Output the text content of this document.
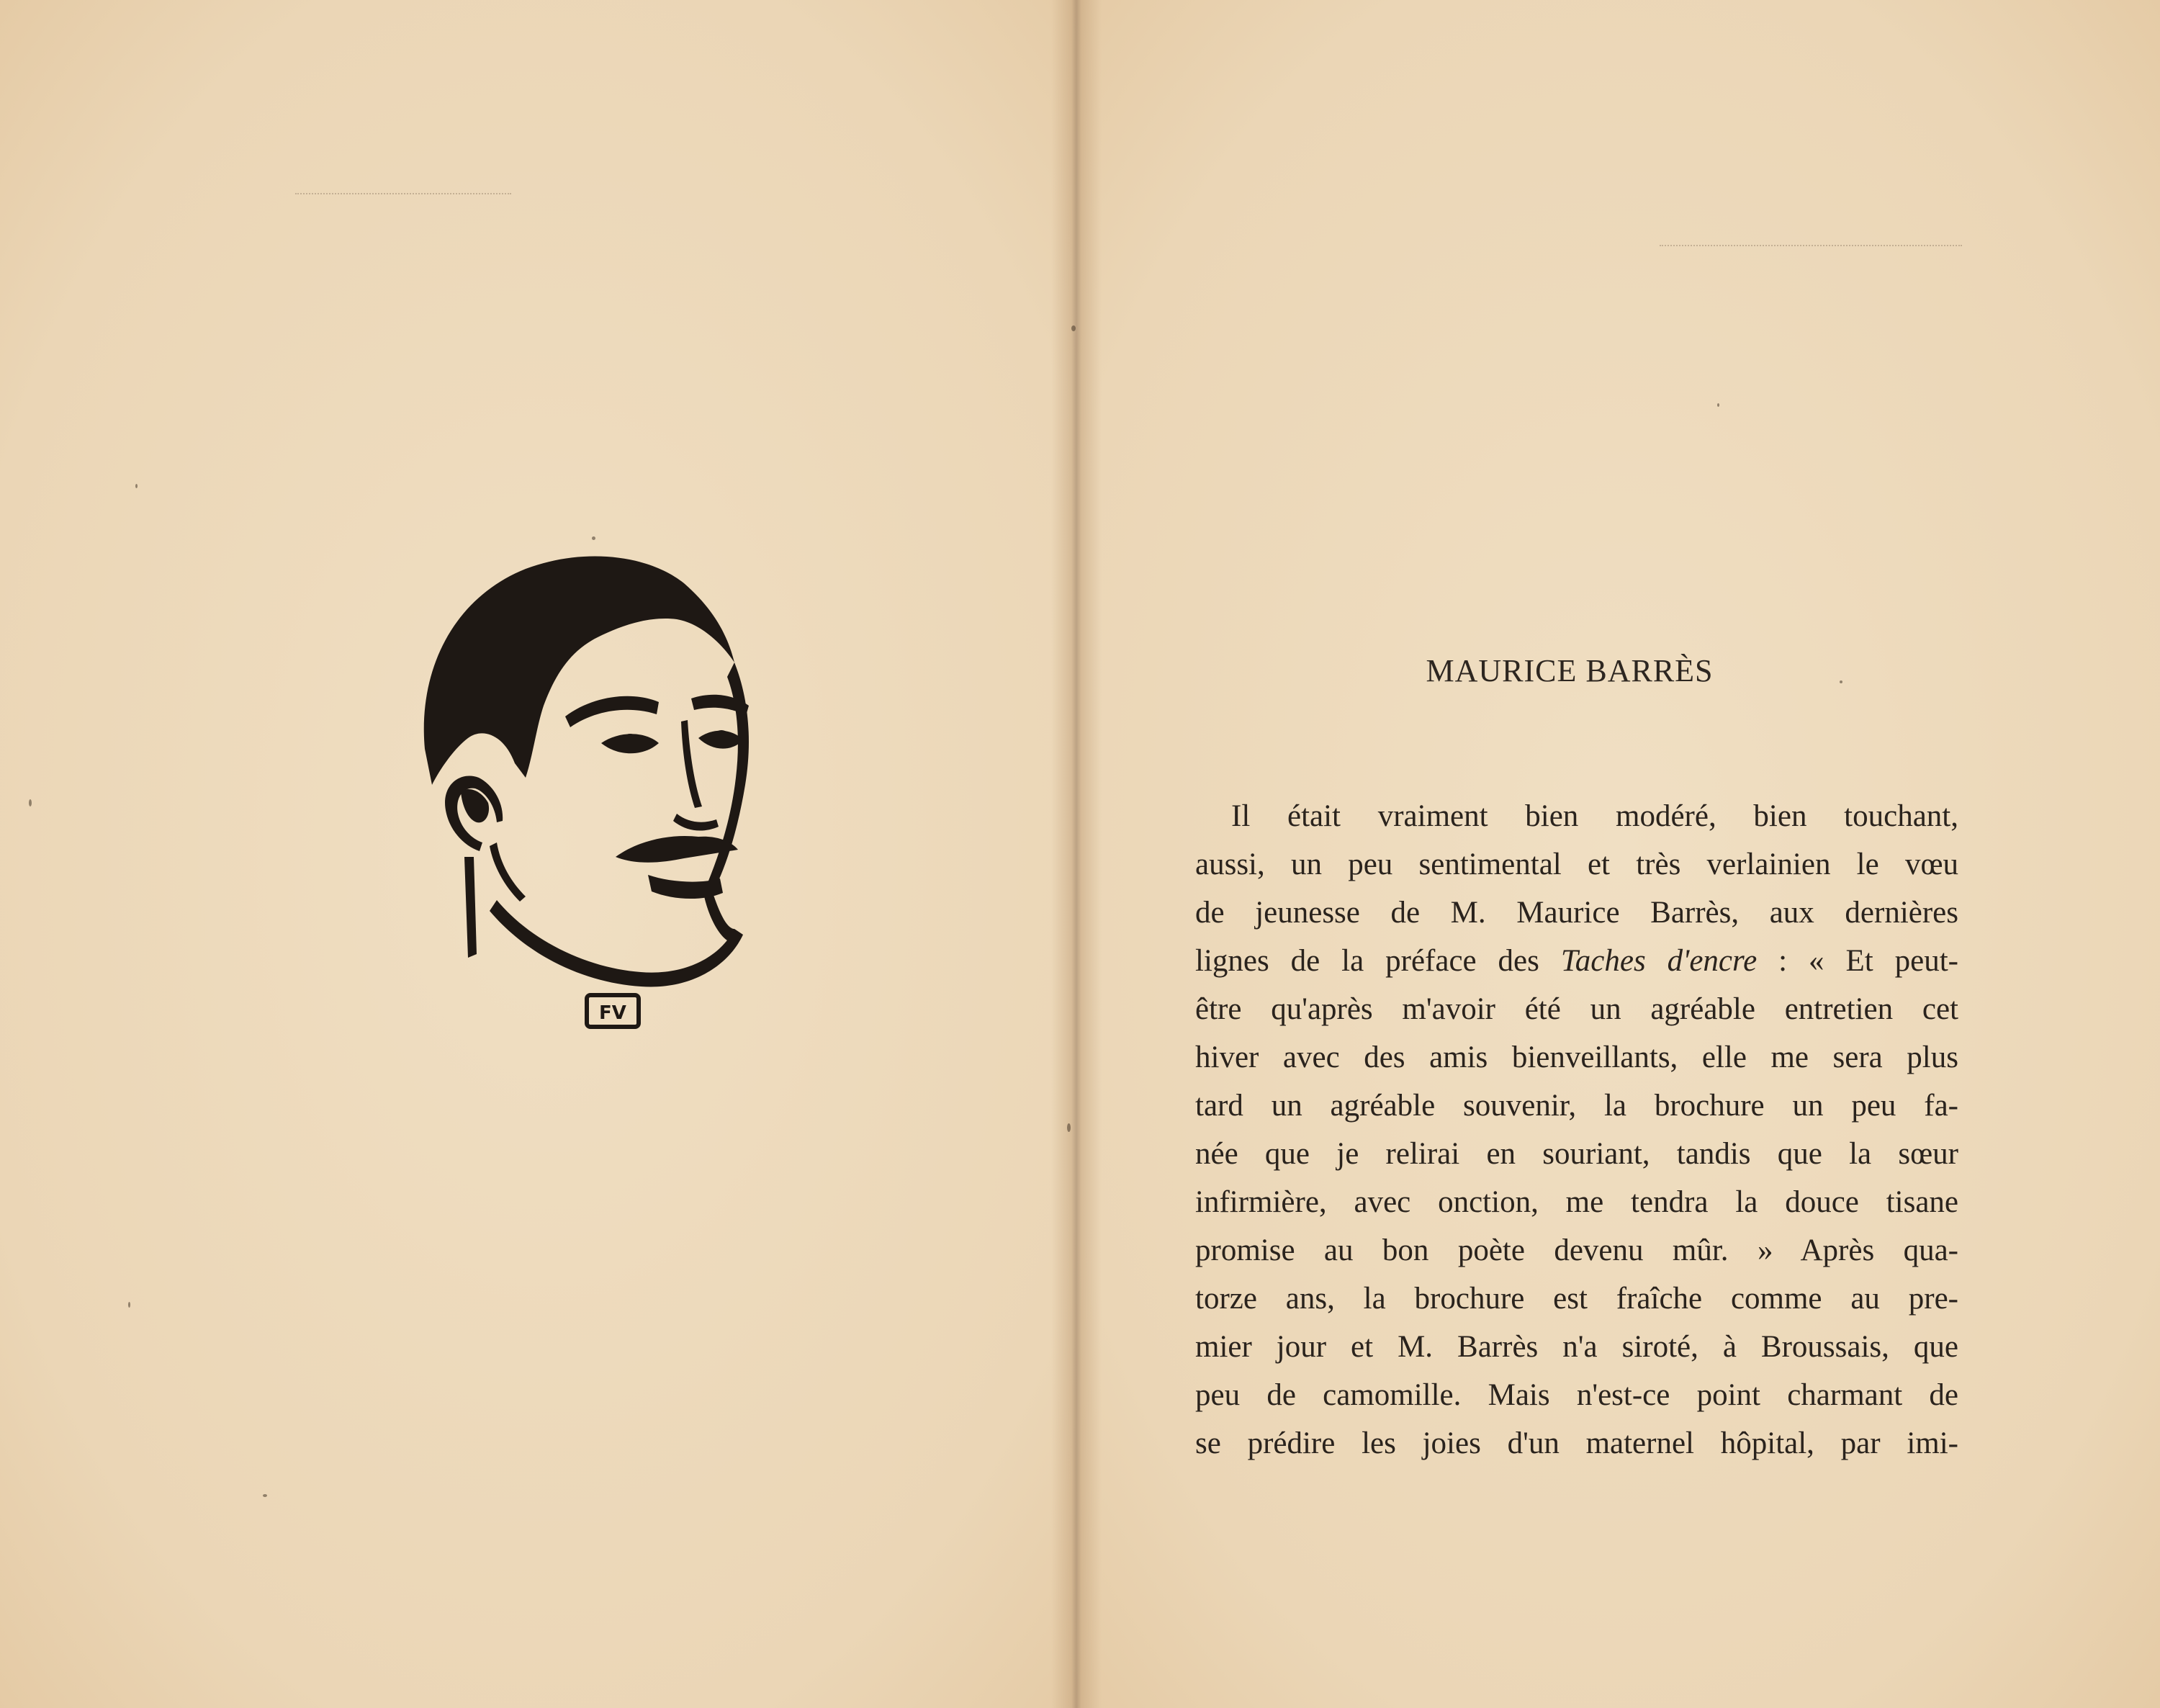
FV
MAURICE BARRÈS
Il était vraiment bien modéré, bien touchant,
aussi, un peu sentimental et très verlainien le vœu
de jeunesse de M. Maurice Barrès, aux dernières
lignes de la préface des Taches d'encre : « Et peut-
être qu'après m'avoir été un agréable entretien cet
hiver avec des amis bienveillants, elle me sera plus
tard un agréable souvenir, la brochure un peu fa-
née que je relirai en souriant, tandis que la sœur
infirmière, avec onction, me tendra la douce tisane
promise au bon poète devenu mûr. » Après qua-
torze ans, la brochure est fraîche comme au pre-
mier jour et M. Barrès n'a siroté, à Broussais, que
peu de camomille. Mais n'est-ce point charmant de
se prédire les joies d'un maternel hôpital, par imi-
